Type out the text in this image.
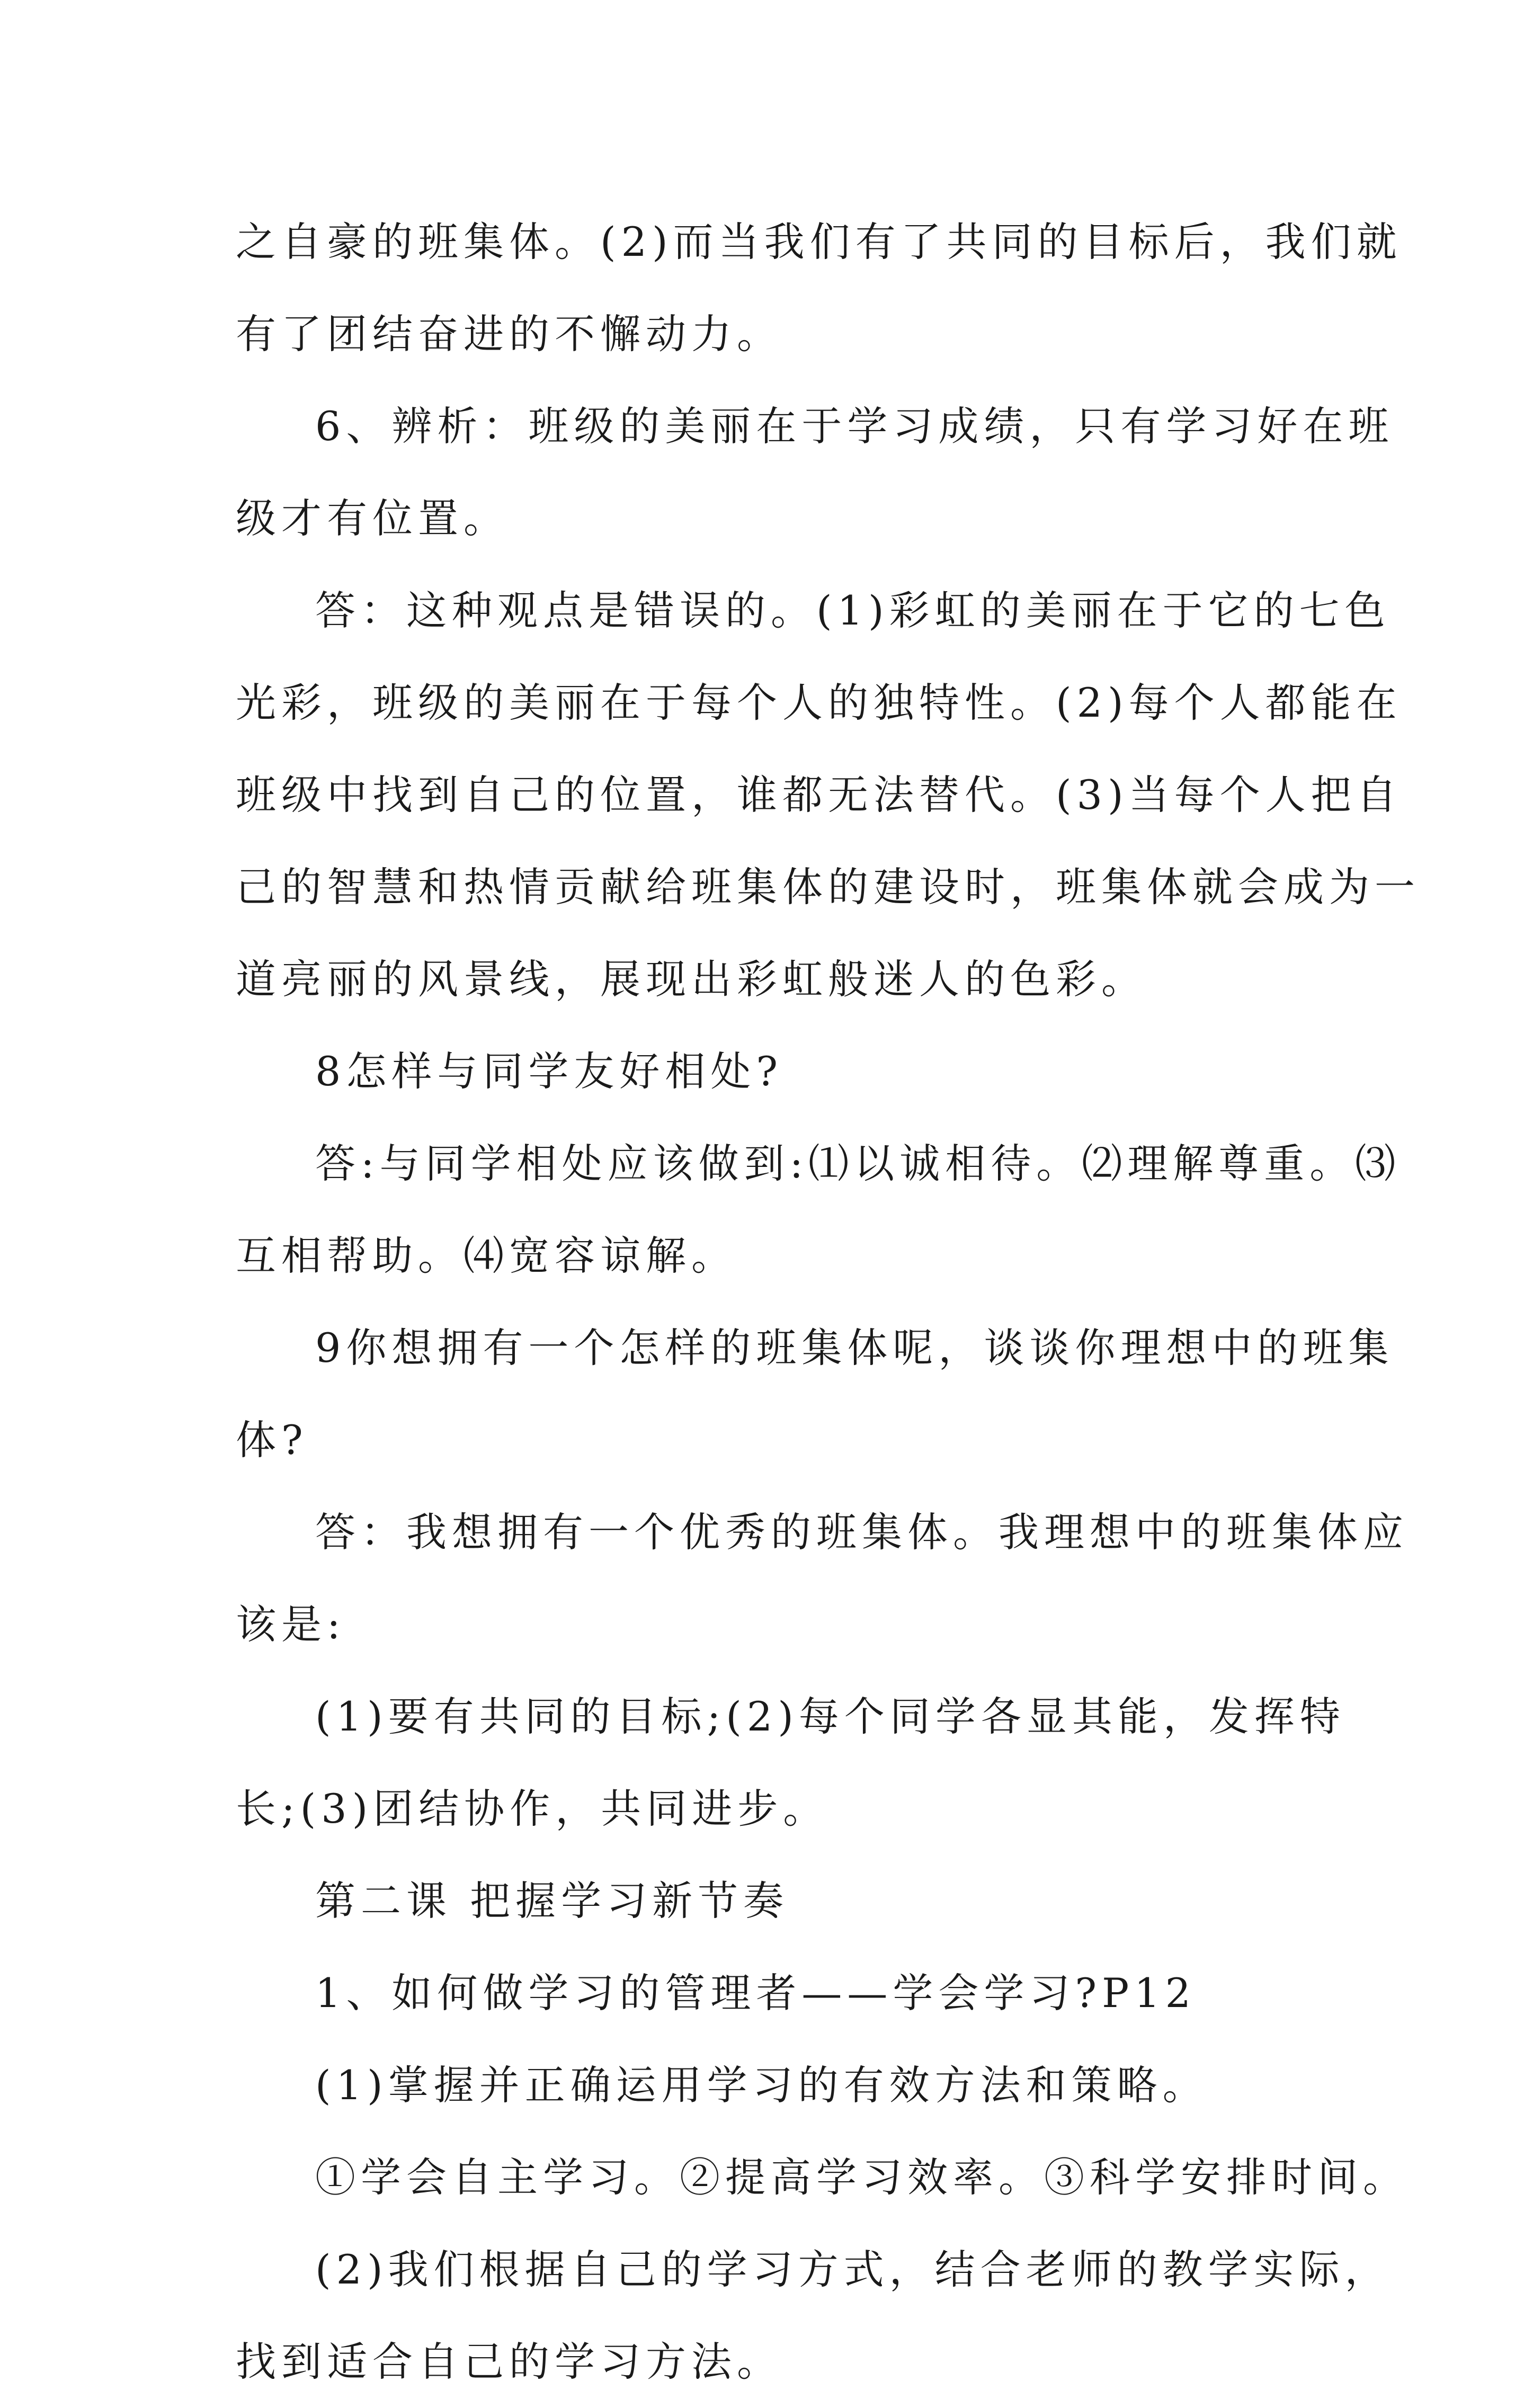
之自豪的班集体。(2)而当我们有了共同的目标后，我们就

有了团结奋进的不懈动力。

6、辨析：班级的美丽在于学习成绩，只有学习好在班

级才有位置。

答：这种观点是错误的。(1)彩虹的美丽在于它的七色

光彩，班级的美丽在于每个人的独特性。(2)每个人都能在

班级中找到自己的位置，谁都无法替代。(3)当每个人把自

己的智慧和热情贡献给班集体的建设时，班集体就会成为一

道亮丽的风景线，展现出彩虹般迷人的色彩。

8怎样与同学友好相处?

答:与同学相处应该做到:⑴以诚相待。⑵理解尊重。⑶

互相帮助。⑷宽容谅解。

9你想拥有一个怎样的班集体呢，谈谈你理想中的班集

体?

答：我想拥有一个优秀的班集体。我理想中的班集体应

该是:

(1)要有共同的目标;(2)每个同学各显其能，发挥特

长;(3)团结协作，共同进步。

第二课 把握学习新节奏

1、如何做学习的管理者——学会学习?P12

(1)掌握并正确运用学习的有效方法和策略。

①学会自主学习。②提高学习效率。③科学安排时间。

(2)我们根据自己的学习方式，结合老师的教学实际，

找到适合自己的学习方法。
